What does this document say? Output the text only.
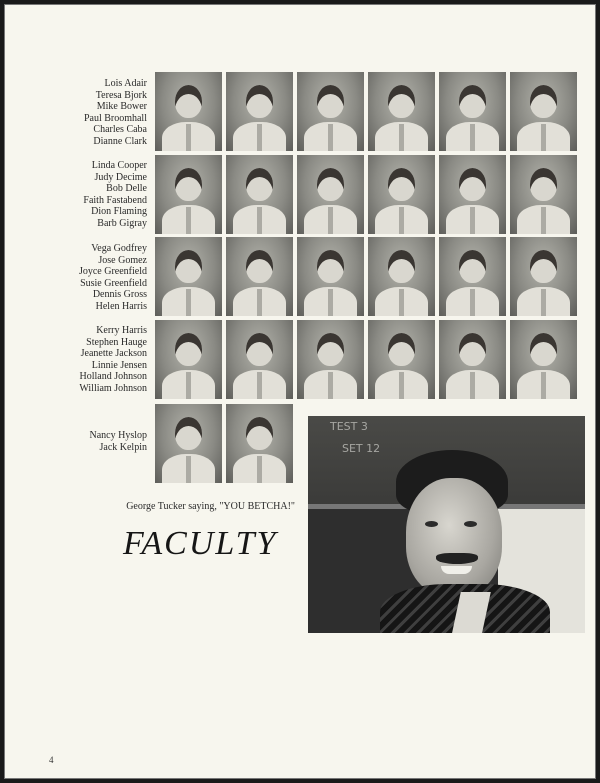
Lois Adair
Teresa Bjork
Mike Bower
Paul Broomhall
Charles Caba
Dianne Clark
Linda Cooper
Judy Decime
Bob Delle
Faith Fastabend
Dion Flaming
Barb Gigray
Vega Godfrey
Jose Gomez
Joyce Greenfield
Susie Greenfield
Dennis Gross
Helen Harris
Kerry Harris
Stephen Hauge
Jeanette Jackson
Linnie Jensen
Holland Johnson
William Johnson
Nancy Hyslop
Jack Kelpin
TEST 3
SET 12
George Tucker saying, "YOU BETCHA!"
FACULTY
4
